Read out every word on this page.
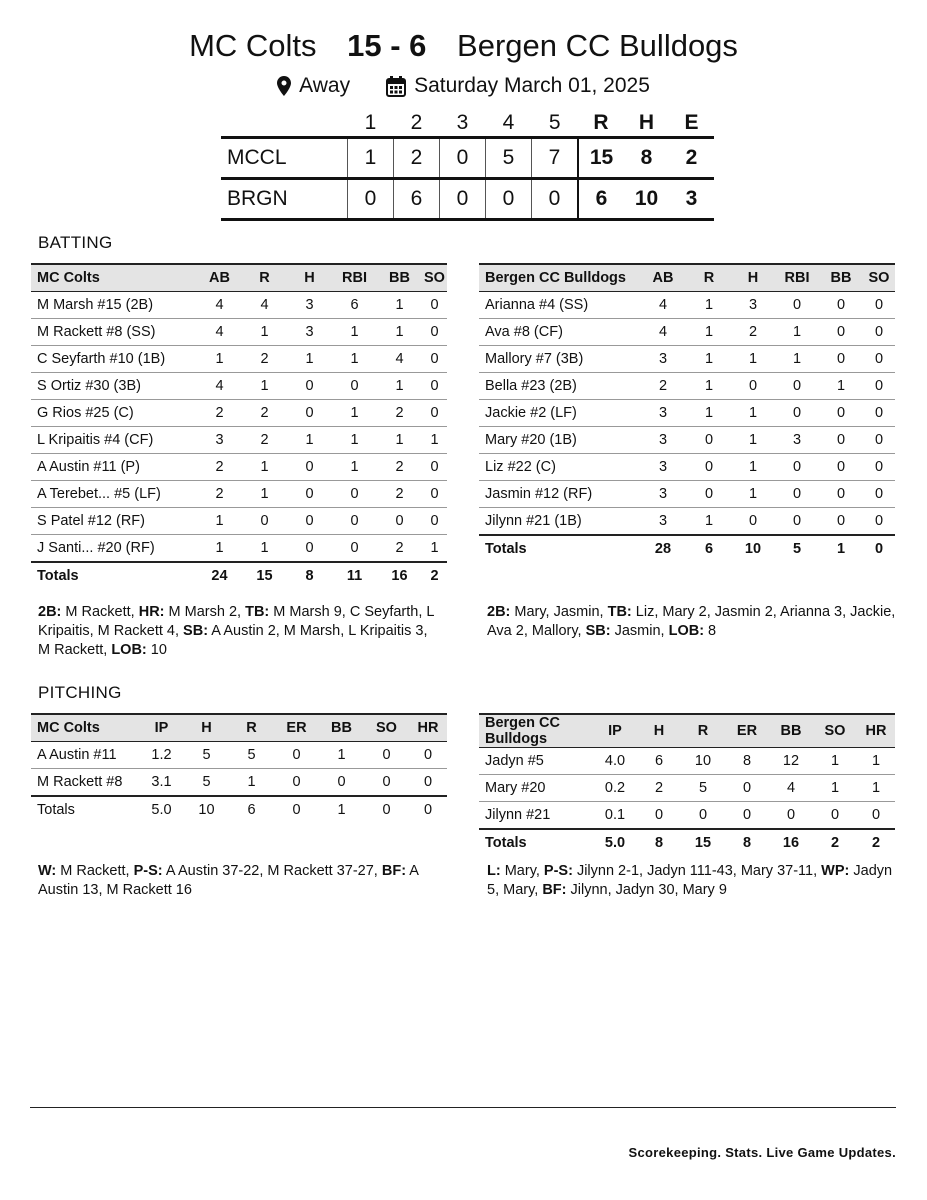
MC Colts 15 - 6 Bergen CC Bulldogs
Away	Saturday March 01, 2025
	1	2	3	4	5	R	H	E
MCCL	1	2	0	5	7	15	8	2
BRGN	0	6	0	0	0	6	10	3
BATTING
MC Colts	AB	R	H	RBI	BB	SO	
M Marsh #15 (2B)	4	4	3	6	1	0	
M Rackett #8 (SS)	4	1	3	1	1	0	
C Seyfarth #10 (1B)	1	2	1	1	4	0	
S Ortiz #30 (3B)	4	1	0	0	1	0	
G Rios #25 (C)	2	2	0	1	2	0	
L Kripaitis #4 (CF)	3	2	1	1	1	1	
A Austin #11 (P)	2	1	0	1	2	0	
A Terebet... #5 (LF)	2	1	0	0	2	0	
S Patel #12 (RF)	1	0	0	0	0	0	
J Santi... #20 (RF)	1	1	0	0	2	1	
Totals	24	15	8	11	16	2	
Bergen CC Bulldogs	AB	R	H	RBI	BB	SO	
Arianna #4 (SS)	4	1	3	0	0	0	
Ava #8 (CF)	4	1	2	1	0	0	
Mallory #7 (3B)	3	1	1	1	0	0	
Bella #23 (2B)	2	1	0	0	1	0	
Jackie #2 (LF)	3	1	1	0	0	0	
Mary #20 (1B)	3	0	1	3	0	0	
Liz #22 (C)	3	0	1	0	0	0	
Jasmin #12 (RF)	3	0	1	0	0	0	
Jilynn #21 (1B)	3	1	0	0	0	0	
Totals	28	6	10	5	1	0	
2B: M Rackett, HR: M Marsh 2, TB: M Marsh 9, C Seyfarth, L Kripaitis, M Rackett 4, SB: A Austin 2, M Marsh, L Kripaitis 3, M Rackett, LOB: 10
2B: Mary, Jasmin, TB: Liz, Mary 2, Jasmin 2, Arianna 3, Jackie, Ava 2, Mallory, SB: Jasmin, LOB: 8
PITCHING
MC Colts	IP	H	R	ER	BB	SO	HR	
A Austin #11	1.2	5	5	0	1	0	0	
M Rackett #8	3.1	5	1	0	0	0	0	
Totals	5.0	10	6	0	1	0	0	
Bergen CC Bulldogs	IP	H	R	ER	BB	SO	HR	
Jadyn #5	4.0	6	10	8	12	1	1	
Mary #20	0.2	2	5	0	4	1	1	
Jilynn #21	0.1	0	0	0	0	0	0	
Totals	5.0	8	15	8	16	2	2	
W: M Rackett, P-S: A Austin 37-22, M Rackett 37-27, BF: A Austin 13, M Rackett 16
L: Mary, P-S: Jilynn 2-1, Jadyn 111-43, Mary 37-11, WP: Jadyn 5, Mary, BF: Jilynn, Jadyn 30, Mary 9
Scorekeeping. Stats. Live Game Updates.
